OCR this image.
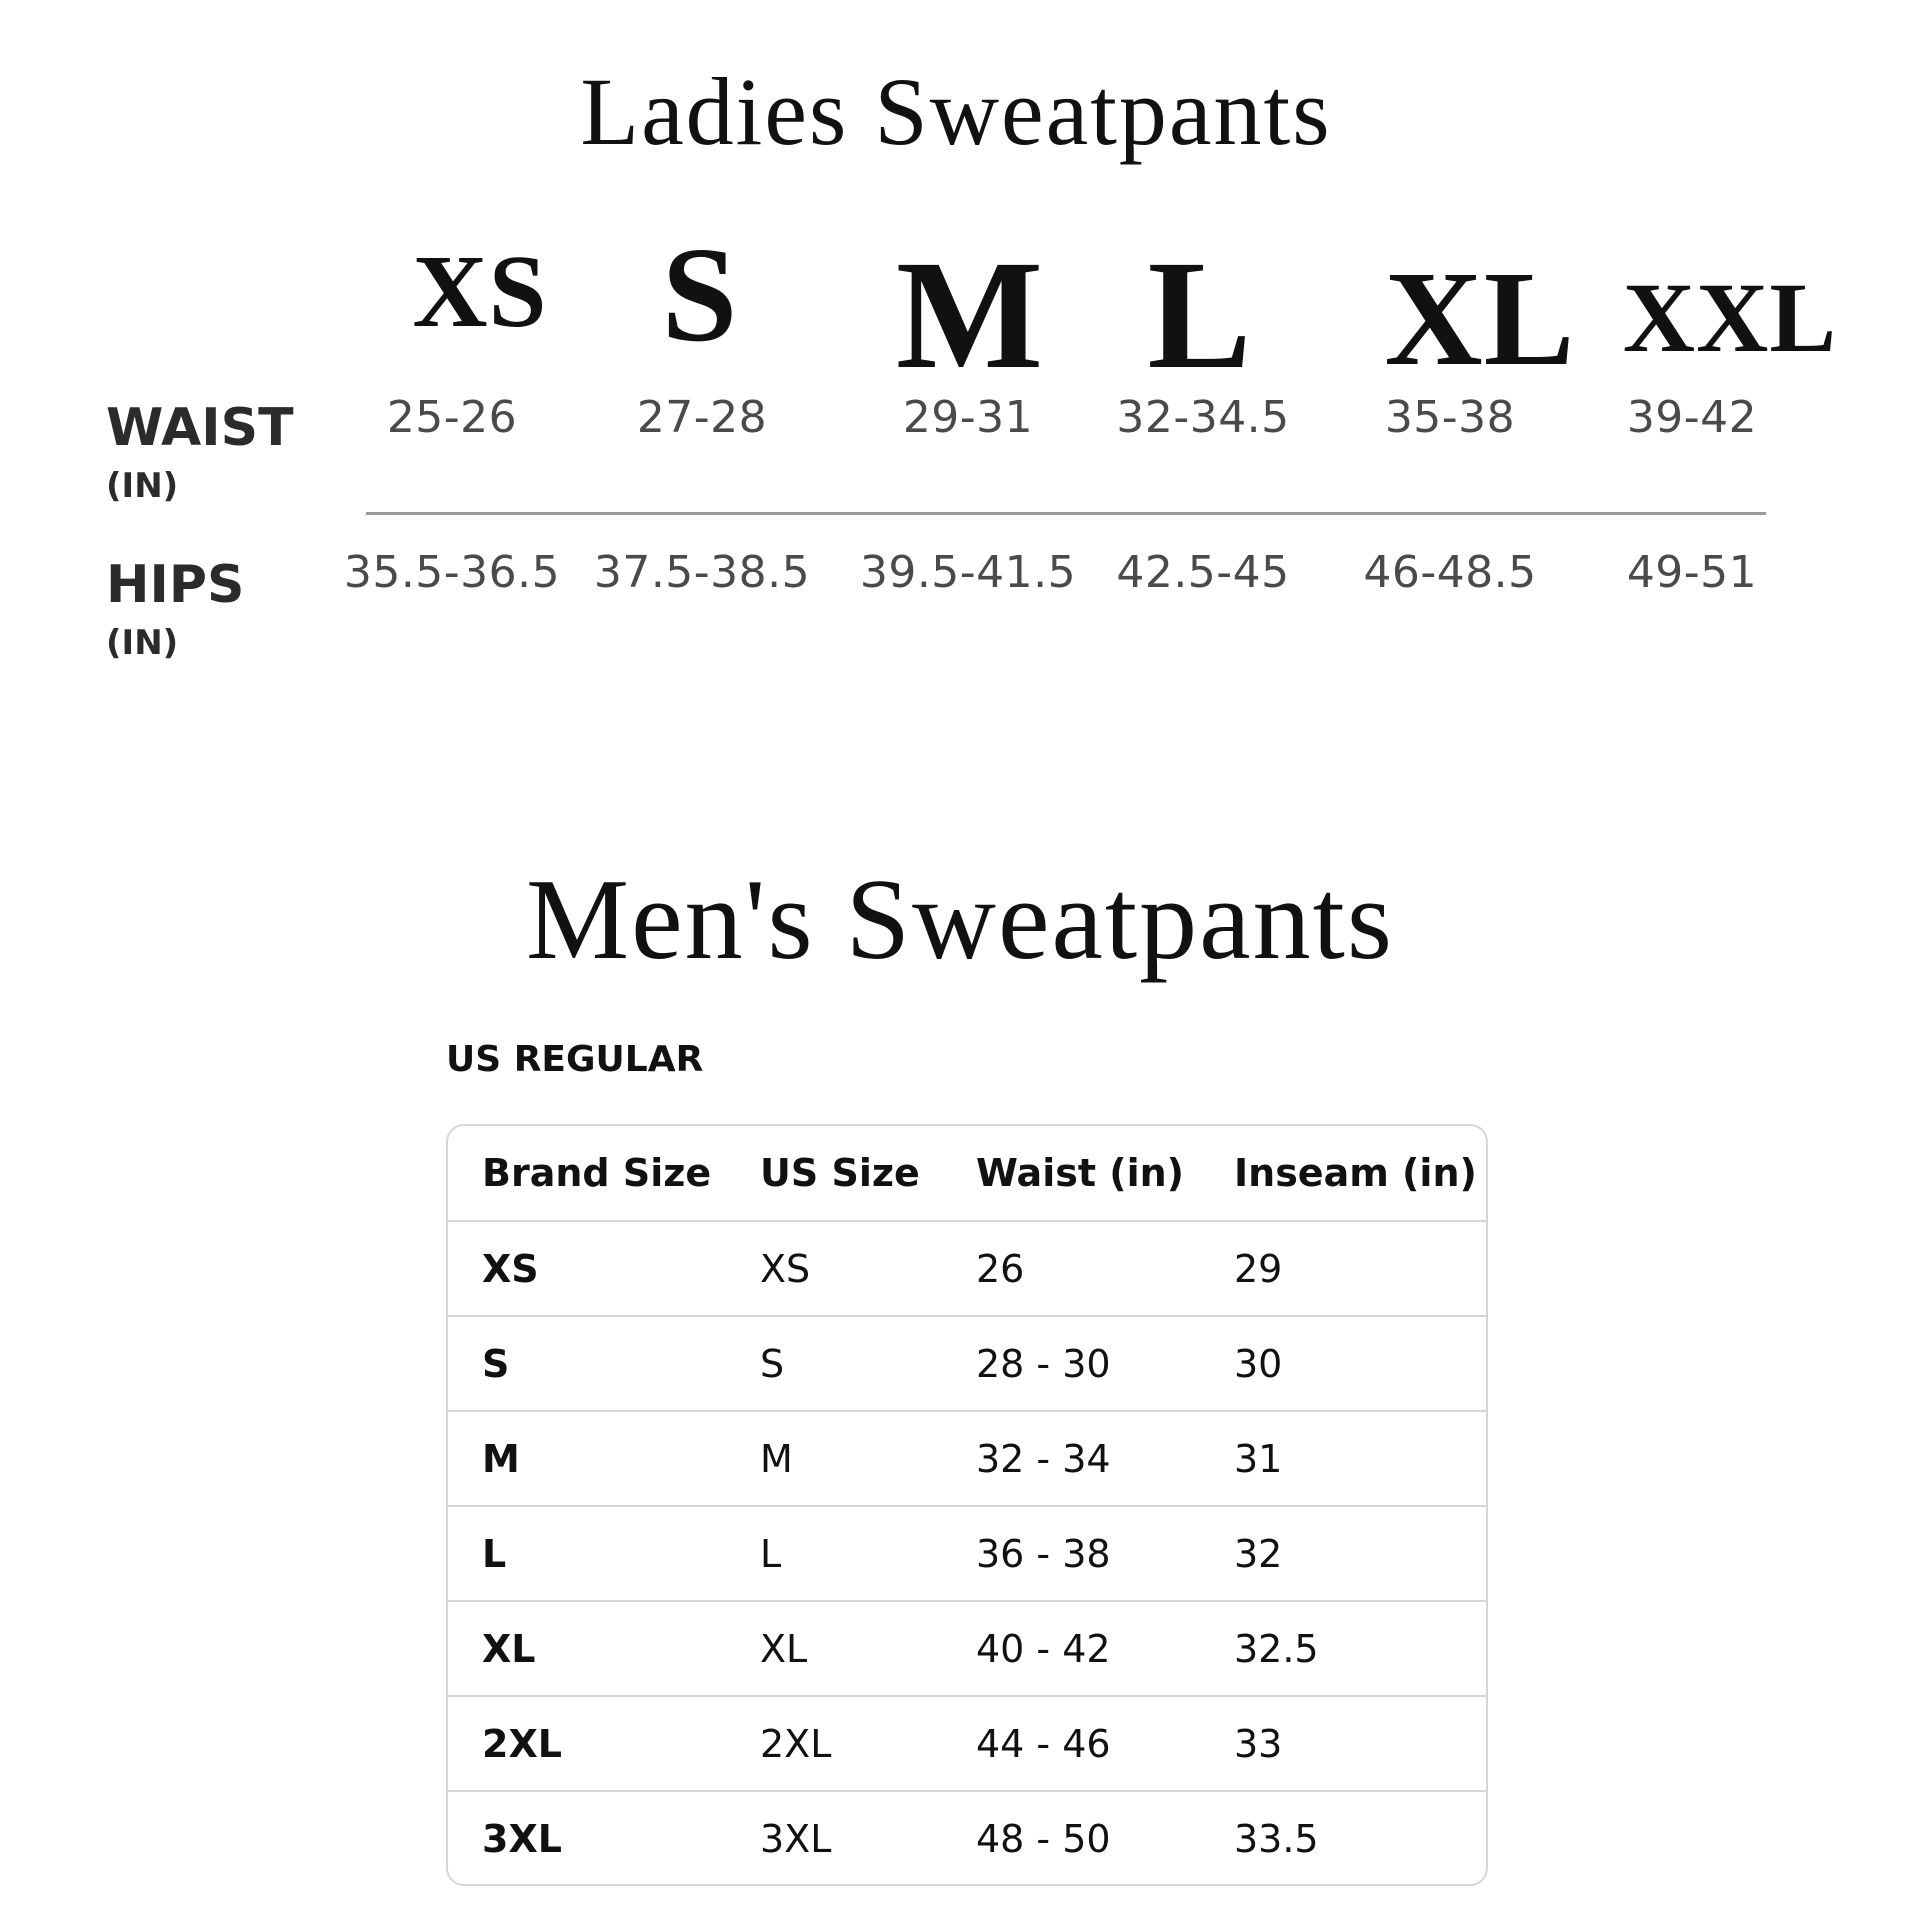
Ladies Sweatpants
XS S	M L XL XXL
WAIST
(IN)
HIPS
(IN)
25-26	27-28	29-31	32-34.5	35-38	39-42
35.5-36.5 37.5-38.5 39.5-41.5 42.5-45	46-48.5	49-51
Men's Sweatpants
US REGULAR
Brand Size	US Size	Waist (in)	Inseam (in)
XS	XS	26	29
S	S	28 - 30	30
M	M	32 - 34	31
L	L	36 - 38	32
XL	XL	40 - 42	32.5
2XL	2XL	44 - 46	33
3XL	3XL	48 - 50	33.5
